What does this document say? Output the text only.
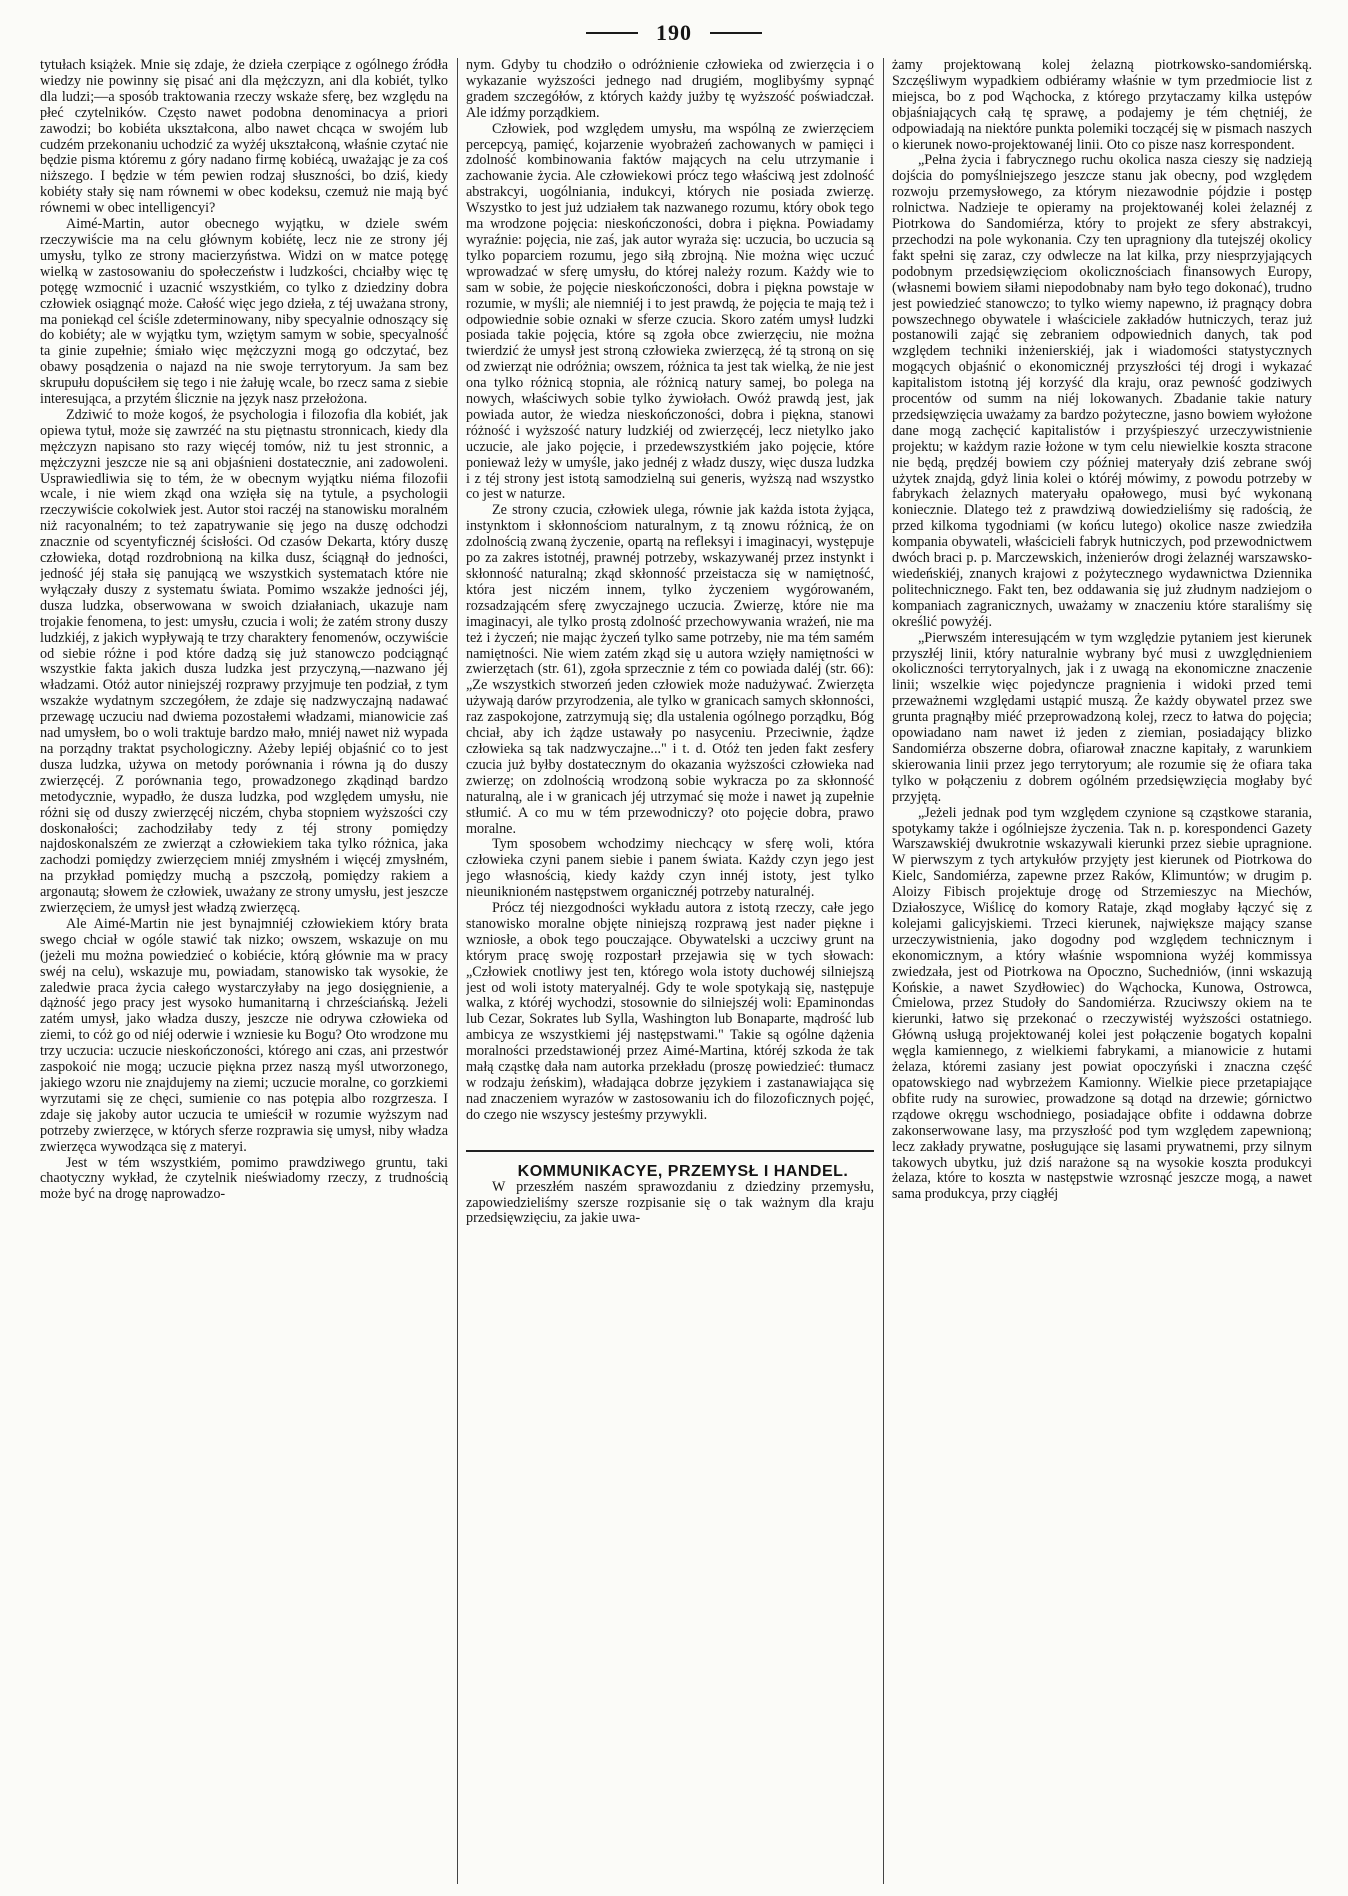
190

tytułach książek. Mnie się zdaje, że dzieła czerpiące z ogólnego źródła wiedzy nie powinny się pisać ani dla mężczyzn, ani dla kobiét, tylko dla ludzi;—a sposób traktowania rzeczy wskaże sferę, bez względu na płeć czytelników. Często nawet podobna denominacya a priori zawodzi; bo kobiéta ukształcona, albo nawet chcąca w swojém lub cudzém przekonaniu uchodzić za wyżéj ukształconą, właśnie czytać nie będzie pisma któremu z góry nadano firmę kobiécą, uważając je za coś niższego. I będzie w tém pewien rodzaj słuszności, bo dziś, kiedy kobiéty stały się nam równemi w obec kodeksu, czemuż nie mają być równemi w obec intelligencyi?

Aimé-Martin, autor obecnego wyjątku, w dziele swém rzeczywiście ma na celu głównym kobiétę, lecz nie ze strony jéj umysłu, tylko ze strony macierzyństwa. Widzi on w matce potęgę wielką w zastosowaniu do społeczeństw i ludzkości, chciałby więc tę potęgę wzmocnić i uzacnić wszystkiém, co tylko z dziedziny dobra człowiek osiągnąć może. Całość więc jego dzieła, z téj uważana strony, ma poniekąd cel ściśle zdeterminowany, niby specyalnie odnoszący się do kobiéty; ale w wyjątku tym, wziętym samym w sobie, specyalność ta ginie zupełnie; śmiało więc mężczyzni mogą go odczytać, bez obawy posądzenia o najazd na nie swoje terrytoryum. Ja sam bez skrupułu dopuściłem się tego i nie żałuję wcale, bo rzecz sama z siebie interesująca, a przytém ślicznie na język nasz przełożona.

Zdziwić to może kogoś, że psychologia i filozofia dla kobiét, jak opiewa tytuł, może się zawrzéć na stu piętnastu stronnicach, kiedy dla mężczyzn napisano sto razy więcéj tomów, niż tu jest stronnic, a mężczyzni jeszcze nie są ani objaśnieni dostatecznie, ani zadowoleni. Usprawiedliwia się to tém, że w obecnym wyjątku niéma filozofii wcale, i nie wiem zkąd ona wzięła się na tytule, a psychologii rzeczywiście cokolwiek jest. Autor stoi raczéj na stanowisku moralném niż racyonalném; to też zapatrywanie się jego na duszę odchodzi znacznie od scyentyficznéj ścisłości. Od czasów Dekarta, który duszę człowieka, dotąd rozdrobnioną na kilka dusz, ściągnął do jedności, jedność jéj stała się panującą we wszystkich systematach które nie wyłączały duszy z systematu świata. Pomimo wszakże jedności jéj, dusza ludzka, obserwowana w swoich działaniach, ukazuje nam trojakie fenomena, to jest: umysłu, czucia i woli; że zatém strony duszy ludzkiéj, z jakich wypływają te trzy charaktery fenomenów, oczywiście od siebie różne i pod które dadzą się już stanowczo podciągnąć wszystkie fakta jakich dusza ludzka jest przyczyną,—nazwano jéj władzami. Otóż autor niniejszéj rozprawy przyjmuje ten podział, z tym wszakże wydatnym szczegółem, że zdaje się nadzwyczajną nadawać przewagę uczuciu nad dwiema pozostałemi władzami, mianowicie zaś nad umysłem, bo o woli traktuje bardzo mało, mniéj nawet niż wypada na porządny traktat psychologiczny. Ażeby lepiéj objaśnić co to jest dusza ludzka, używa on metody porównania i równa ją do duszy zwierzęcéj. Z porównania tego, prowadzonego zkądinąd bardzo metodycznie, wypadło, że dusza ludzka, pod względem umysłu, nie różni się od duszy zwierzęcéj niczém, chyba stopniem wyższości czy doskonałości; zachodziłaby tedy z téj strony pomiędzy najdoskonalszém ze zwierząt a człowiekiem taka tylko różnica, jaka zachodzi pomiędzy zwierzęciem mniéj zmysłném i więcéj zmysłném, na przykład pomiędzy muchą a pszczołą, pomiędzy rakiem a argonautą; słowem że człowiek, uważany ze strony umysłu, jest jeszcze zwierzęciem, że umysł jest władzą zwierzęcą.

Ale Aimé-Martin nie jest bynajmniéj człowiekiem który brata swego chciał w ogóle stawić tak nizko; owszem, wskazuje on mu (jeżeli mu można powiedzieć o kobiécie, którą głównie ma w pracy swéj na celu), wskazuje mu, powiadam, stanowisko tak wysokie, że zaledwie praca życia całego wystarczyłaby na jego dosięgnienie, a dążność jego pracy jest wysoko humanitarną i chrześciańską. Jeżeli zatém umysł, jako władza duszy, jeszcze nie odrywa człowieka od ziemi, to cóż go od niéj oderwie i wzniesie ku Bogu? Oto wrodzone mu trzy uczucia: uczucie nieskończoności, którego ani czas, ani przestwór zaspokoić nie mogą; uczucie piękna przez naszą myśl utworzonego, jakiego wzoru nie znajdujemy na ziemi; uczucie moralne, co gorzkiemi wyrzutami się ze chęci, sumienie co nas potępia albo rozgrzesza. I zdaje się jakoby autor uczucia te umieścił w rozumie wyższym nad potrzeby zwierzęce, w których sferze rozprawia się umysł, niby władza zwierzęca wywodząca się z materyi.

Jest w tém wszystkiém, pomimo prawdziwego gruntu, taki chaotyczny wykład, że czytelnik nieświadomy rzeczy, z trudnością może być na drogę naprowadzo-

nym. Gdyby tu chodziło o odróżnienie człowieka od zwierzęcia i o wykazanie wyższości jednego nad drugiém, moglibyśmy sypnąć gradem szczegółów, z których każdy jużby tę wyższość poświadczał. Ale idźmy porządkiem.

Człowiek, pod względem umysłu, ma wspólną ze zwierzęciem percepcyą, pamięć, kojarzenie wyobrażeń zachowanych w pamięci i zdolność kombinowania faktów mających na celu utrzymanie i zachowanie życia. Ale człowiekowi prócz tego właściwą jest zdolność abstrakcyi, uogólniania, indukcyi, których nie posiada zwierzę. Wszystko to jest już udziałem tak nazwanego rozumu, który obok tego ma wrodzone pojęcia: nieskończoności, dobra i piękna. Powiadamy wyraźnie: pojęcia, nie zaś, jak autor wyraża się: uczucia, bo uczucia są tylko poparciem rozumu, jego siłą zbrojną. Nie można więc uczuć wprowadzać w sferę umysłu, do której należy rozum. Każdy wie to sam w sobie, że pojęcie nieskończoności, dobra i piękna powstaje w rozumie, w myśli; ale niemniéj i to jest prawdą, że pojęcia te mają też i odpowiednie sobie oznaki w sferze czucia. Skoro zatém umysł ludzki posiada takie pojęcia, które są zgoła obce zwierzęciu, nie można twierdzić że umysł jest stroną człowieka zwierzęcą, żé tą stroną on się od zwierząt nie odróżnia; owszem, różnica ta jest tak wielką, że nie jest ona tylko różnicą stopnia, ale różnicą natury samej, bo polega na nowych, właściwych sobie tylko żywiołach. Owóż prawdą jest, jak powiada autor, że wiedza nieskończoności, dobra i piękna, stanowi różność i wyższość natury ludzkiéj od zwierzęcéj, lecz nietylko jako uczucie, ale jako pojęcie, i przedewszystkiém jako pojęcie, które ponieważ leży w umyśle, jako jednéj z władz duszy, więc dusza ludzka i z téj strony jest istotą samodzielną sui generis, wyższą nad wszystko co jest w naturze.

Ze strony czucia, człowiek ulega, równie jak każda istota żyjąca, instynktom i skłonnościom naturalnym, z tą znowu różnicą, że on zdolnością zwaną życzenie, opartą na refleksyi i imaginacyi, występuje po za zakres istotnéj, prawnéj potrzeby, wskazywanéj przez instynkt i skłonność naturalną; zkąd skłonność przeistacza się w namiętność, która jest niczém innem, tylko życzeniem wygórowaném, rozsadzającém sferę zwyczajnego uczucia. Zwierzę, które nie ma imaginacyi, ale tylko prostą zdolność przechowywania wrażeń, nie ma też i życzeń; nie mając życzeń tylko same potrzeby, nie ma tém samém namiętności. Nie wiem zatém zkąd się u autora wzięły namiętności w zwierzętach (str. 61), zgoła sprzecznie z tém co powiada daléj (str. 66): „Ze wszystkich stworzeń jeden człowiek może nadużywać. Zwierzęta używają darów przyrodzenia, ale tylko w granicach samych skłonności, raz zaspokojone, zatrzymują się; dla ustalenia ogólnego porządku, Bóg chciał, aby ich żądze ustawały po nasyceniu. Przeciwnie, żądze człowieka są tak nadzwyczajne..." i t. d. Otóż ten jeden fakt zesfery czucia już byłby dostatecznym do okazania wyższości człowieka nad zwierzę; on zdolnością wrodzoną sobie wykracza po za skłonność naturalną, ale i w granicach jéj utrzymać się może i nawet ją zupełnie stłumić. A co mu w tém przewodniczy? oto pojęcie dobra, prawo moralne.

Tym sposobem wchodzimy niechcący w sferę woli, która człowieka czyni panem siebie i panem świata. Każdy czyn jego jest jego własnością, kiedy każdy czyn innéj istoty, jest tylko nieuniknioném następstwem organicznéj potrzeby naturalnéj.

Prócz téj niezgodności wykładu autora z istotą rzeczy, całe jego stanowisko moralne objęte niniejszą rozprawą jest nader piękne i wzniosłe, a obok tego pouczające. Obywatelski a uczciwy grunt na którym pracę swoję rozpostarł przejawia się w tych słowach: „Człowiek cnotliwy jest ten, którego wola istoty duchowéj silniejszą jest od woli istoty materyalnéj. Gdy te wole spotykają się, następuje walka, z któréj wychodzi, stosownie do silniejszéj woli: Epaminondas lub Cezar, Sokrates lub Sylla, Washington lub Bonaparte, mądrość lub ambicya ze wszystkiemi jéj następstwami." Takie są ogólne dążenia moralności przedstawionéj przez Aimé-Martina, któréj szkoda że tak małą cząstkę dała nam autorka przekładu (proszę powiedzieć: tłumacz w rodzaju żeńskim), władająca dobrze językiem i zastanawiająca się nad znaczeniem wyrazów w zastosowaniu ich do filozoficznych pojęć, do czego nie wszyscy jesteśmy przywykli.

KOMMUNIKACYE, PRZEMYSŁ I HANDEL.

W przeszłém naszém sprawozdaniu z dziedziny przemysłu, zapowiedzieliśmy szersze rozpisanie się o tak ważnym dla kraju przedsięwzięciu, za jakie uwa-

żamy projektowaną kolej żelazną piotrkowsko-sandomiérską. Szczęśliwym wypadkiem odbiéramy właśnie w tym przedmiocie list z miejsca, bo z pod Wąchocka, z którego przytaczamy kilka ustępów objaśniających całą tę sprawę, a podajemy je tém chętniéj, że odpowiadają na niektóre punkta polemiki toczącéj się w pismach naszych o kierunek nowo-projektowanéj linii. Oto co pisze nasz korrespondent.

„Pełna życia i fabrycznego ruchu okolica nasza cieszy się nadzieją dojścia do pomyślniejszego jeszcze stanu jak obecny, pod względem rozwoju przemysłowego, za którym niezawodnie pójdzie i postęp rolnictwa. Nadzieje te opieramy na projektowanéj kolei żelaznéj z Piotrkowa do Sandomiérza, który to projekt ze sfery abstrakcyi, przechodzi na pole wykonania. Czy ten upragniony dla tutejszéj okolicy fakt spełni się zaraz, czy odwlecze na lat kilka, przy niesprzyjających podobnym przedsięwzięciom okolicznościach finansowych Europy, (własnemi bowiem siłami niepodobnaby nam było tego dokonać), trudno jest powiedzieć stanowczo; to tylko wiemy napewno, iż pragnący dobra powszechnego obywatele i właściciele zakładów hutniczych, teraz już postanowili zająć się zebraniem odpowiednich danych, tak pod względem techniki inżenierskiéj, jak i wiadomości statystycznych mogących objaśnić o ekonomicznéj przyszłości téj drogi i wykazać kapitalistom istotną jéj korzyść dla kraju, oraz pewność godziwych procentów od summ na niéj lokowanych. Zbadanie takie natury przedsięwzięcia uważamy za bardzo pożyteczne, jasno bowiem wyłożone dane mogą zachęcić kapitalistów i przyśpieszyć urzeczywistnienie projektu; w każdym razie łożone w tym celu niewielkie koszta stracone nie będą, prędzéj bowiem czy później materyały dziś zebrane swój użytek znajdą, gdyż linia kolei o któréj mówimy, z powodu potrzeby w fabrykach żelaznych materyału opałowego, musi być wykonaną koniecznie. Dlatego też z prawdziwą dowiedzieliśmy się radością, że przed kilkoma tygodniami (w końcu lutego) okolice nasze zwiedziła kompania obywateli, właścicieli fabryk hutniczych, pod przewodnictwem dwóch braci p. p. Marczewskich, inżenierów drogi żelaznéj warszawsko-wiedeńskiéj, znanych krajowi z pożytecznego wydawnictwa Dziennika politechnicznego. Fakt ten, bez oddawania się już złudnym nadziejom o kompaniach zagranicznych, uważamy w znaczeniu które staraliśmy się określić powyżéj.

„Pierwszém interesującém w tym względzie pytaniem jest kierunek przyszłéj linii, który naturalnie wybrany być musi z uwzględnieniem okoliczności terrytoryalnych, jak i z uwagą na ekonomiczne znaczenie linii; wszelkie więc pojedyncze pragnienia i widoki przed temi przeważnemi względami ustąpić muszą. Że każdy obywatel przez swe grunta pragnąłby miéć przeprowadzoną kolej, rzecz to łatwa do pojęcia; opowiadano nam nawet iż jeden z ziemian, posiadający blizko Sandomiérza obszerne dobra, ofiarował znaczne kapitały, z warunkiem skierowania linii przez jego terrytoryum; ale rozumie się że ofiara taka tylko w połączeniu z dobrem ogólném przedsięwzięcia mogłaby być przyjętą.

„Jeżeli jednak pod tym względem czynione są cząstkowe starania, spotykamy także i ogólniejsze życzenia. Tak n. p. korespondenci Gazety Warszawskiéj dwukrotnie wskazywali kierunki przez siebie upragnione. W pierwszym z tych artykułów przyjęty jest kierunek od Piotrkowa do Kielc, Sandomiérza, zapewne przez Raków, Klimuntów; w drugim p. Aloizy Fibisch projektuje drogę od Strzemieszyc na Miechów, Działoszyce, Wiślicę do komory Rataje, zkąd mogłaby łączyć się z kolejami galicyjskiemi. Trzeci kierunek, największe mający szanse urzeczywistnienia, jako dogodny pod względem technicznym i ekonomicznym, a który właśnie wspomniona wyżéj kommissya zwiedzała, jest od Piotrkowa na Opoczno, Suchedniów, (inni wskazują Końskie, a nawet Szydłowiec) do Wąchocka, Kunowa, Ostrowca, Ćmielowa, przez Studoły do Sandomiérza. Rzuciwszy okiem na te kierunki, łatwo się przekonać o rzeczywistéj wyższości ostatniego. Główną usługą projektowanéj kolei jest połączenie bogatych kopalni węgla kamiennego, z wielkiemi fabrykami, a mianowicie z hutami żelaza, któremi zasiany jest powiat opoczyński i znaczna część opatowskiego nad wybrzeżem Kamionny. Wielkie piece przetapiające obfite rudy na surowiec, prowadzone są dotąd na drzewie; górnictwo rządowe okręgu wschodniego, posiadające obfite i oddawna dobrze zakonserwowane lasy, ma przyszłość pod tym względem zapewnioną; lecz zakłady prywatne, posługujące się lasami prywatnemi, przy silnym takowych ubytku, już dziś narażone są na wysokie koszta produkcyi żelaza, które to koszta w następstwie wzrosnąć jeszcze mogą, a nawet sama produkcya, przy ciągłéj
